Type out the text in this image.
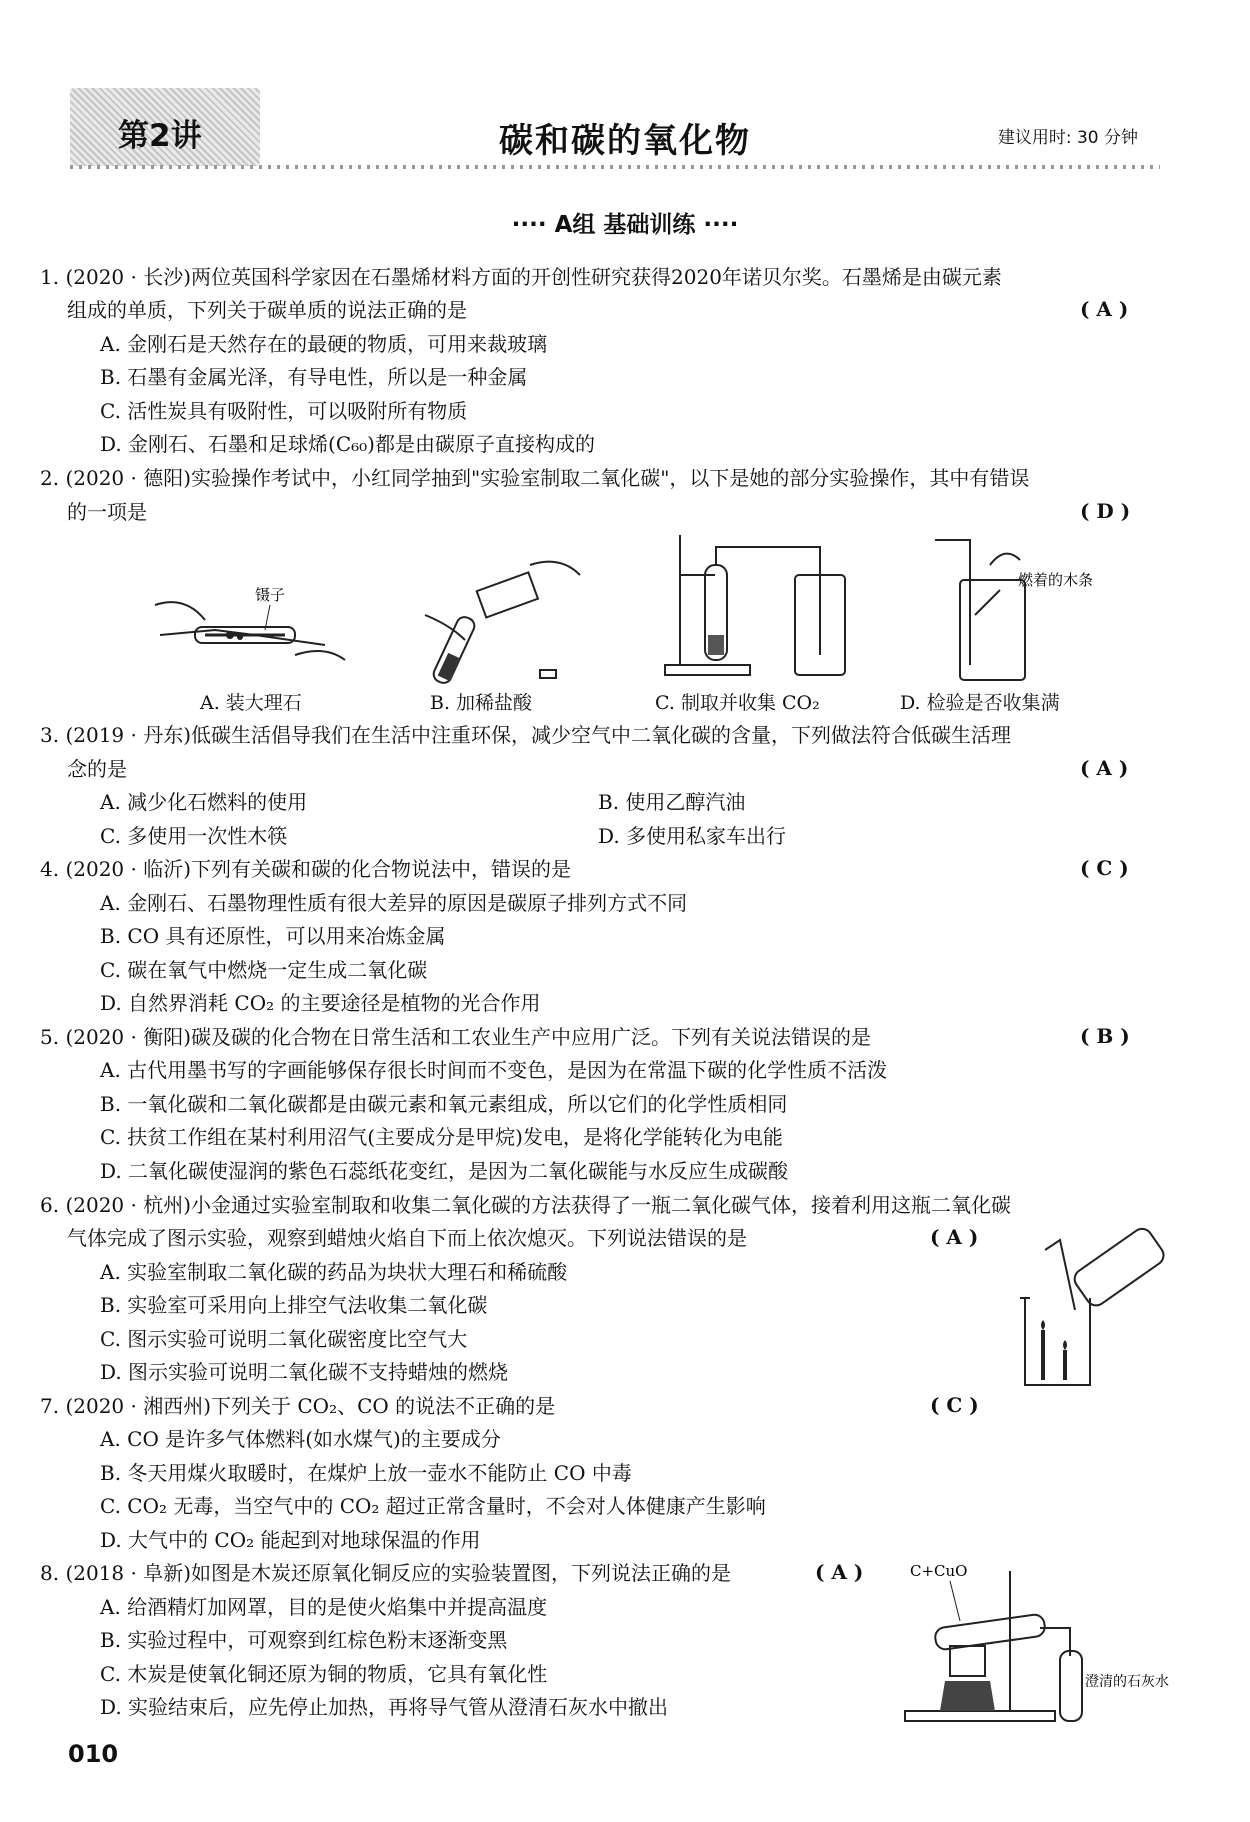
第2讲	碳和碳的氧化物	建议用时: 30 分钟
···· A组 基础训练 ····
1. (2020 · 长沙)两位英国科学家因在石墨烯材料方面的开创性研究获得2020年诺贝尔奖。石墨烯是由碳元素
组成的单质，下列关于碳单质的说法正确的是	( A )
A. 金刚石是天然存在的最硬的物质，可用来裁玻璃
B. 石墨有金属光泽，有导电性，所以是一种金属
C. 活性炭具有吸附性，可以吸附所有物质
D. 金刚石、石墨和足球烯(C₆₀)都是由碳原子直接构成的
2. (2020 · 德阳)实验操作考试中，小红同学抽到"实验室制取二氧化碳"，以下是她的部分实验操作，其中有错误
的一项是	( D )
镊子
燃着的木条
A. 装大理石	B. 加稀盐酸	C. 制取并收集 CO₂	D. 检验是否收集满
3. (2019 · 丹东)低碳生活倡导我们在生活中注重环保，减少空气中二氧化碳的含量，下列做法符合低碳生活理
念的是	( A )
A. 减少化石燃料的使用	B. 使用乙醇汽油
C. 多使用一次性木筷	D. 多使用私家车出行
4. (2020 · 临沂)下列有关碳和碳的化合物说法中，错误的是	( C )
A. 金刚石、石墨物理性质有很大差异的原因是碳原子排列方式不同
B. CO 具有还原性，可以用来冶炼金属
C. 碳在氧气中燃烧一定生成二氧化碳
D. 自然界消耗 CO₂ 的主要途径是植物的光合作用
5. (2020 · 衡阳)碳及碳的化合物在日常生活和工农业生产中应用广泛。下列有关说法错误的是	( B )
A. 古代用墨书写的字画能够保存很长时间而不变色，是因为在常温下碳的化学性质不活泼
B. 一氧化碳和二氧化碳都是由碳元素和氧元素组成，所以它们的化学性质相同
C. 扶贫工作组在某村利用沼气(主要成分是甲烷)发电，是将化学能转化为电能
D. 二氧化碳使湿润的紫色石蕊纸花变红，是因为二氧化碳能与水反应生成碳酸
6. (2020 · 杭州)小金通过实验室制取和收集二氧化碳的方法获得了一瓶二氧化碳气体，接着利用这瓶二氧化碳
气体完成了图示实验，观察到蜡烛火焰自下而上依次熄灭。下列说法错误的是	( A )
A. 实验室制取二氧化碳的药品为块状大理石和稀硫酸
B. 实验室可采用向上排空气法收集二氧化碳
C. 图示实验可说明二氧化碳密度比空气大
D. 图示实验可说明二氧化碳不支持蜡烛的燃烧
7. (2020 · 湘西州)下列关于 CO₂、CO 的说法不正确的是	( C )
A. CO 是许多气体燃料(如水煤气)的主要成分
B. 冬天用煤火取暖时，在煤炉上放一壶水不能防止 CO 中毒
C. CO₂ 无毒，当空气中的 CO₂ 超过正常含量时，不会对人体健康产生影响
D. 大气中的 CO₂ 能起到对地球保温的作用
8. (2018 · 阜新)如图是木炭还原氧化铜反应的实验装置图，下列说法正确的是	( A )
A. 给酒精灯加网罩，目的是使火焰集中并提高温度
B. 实验过程中，可观察到红棕色粉末逐渐变黑
C. 木炭是使氧化铜还原为铜的物质，它具有氧化性
D. 实验结束后，应先停止加热，再将导气管从澄清石灰水中撤出
C+CuO
澄清的石灰水
010
